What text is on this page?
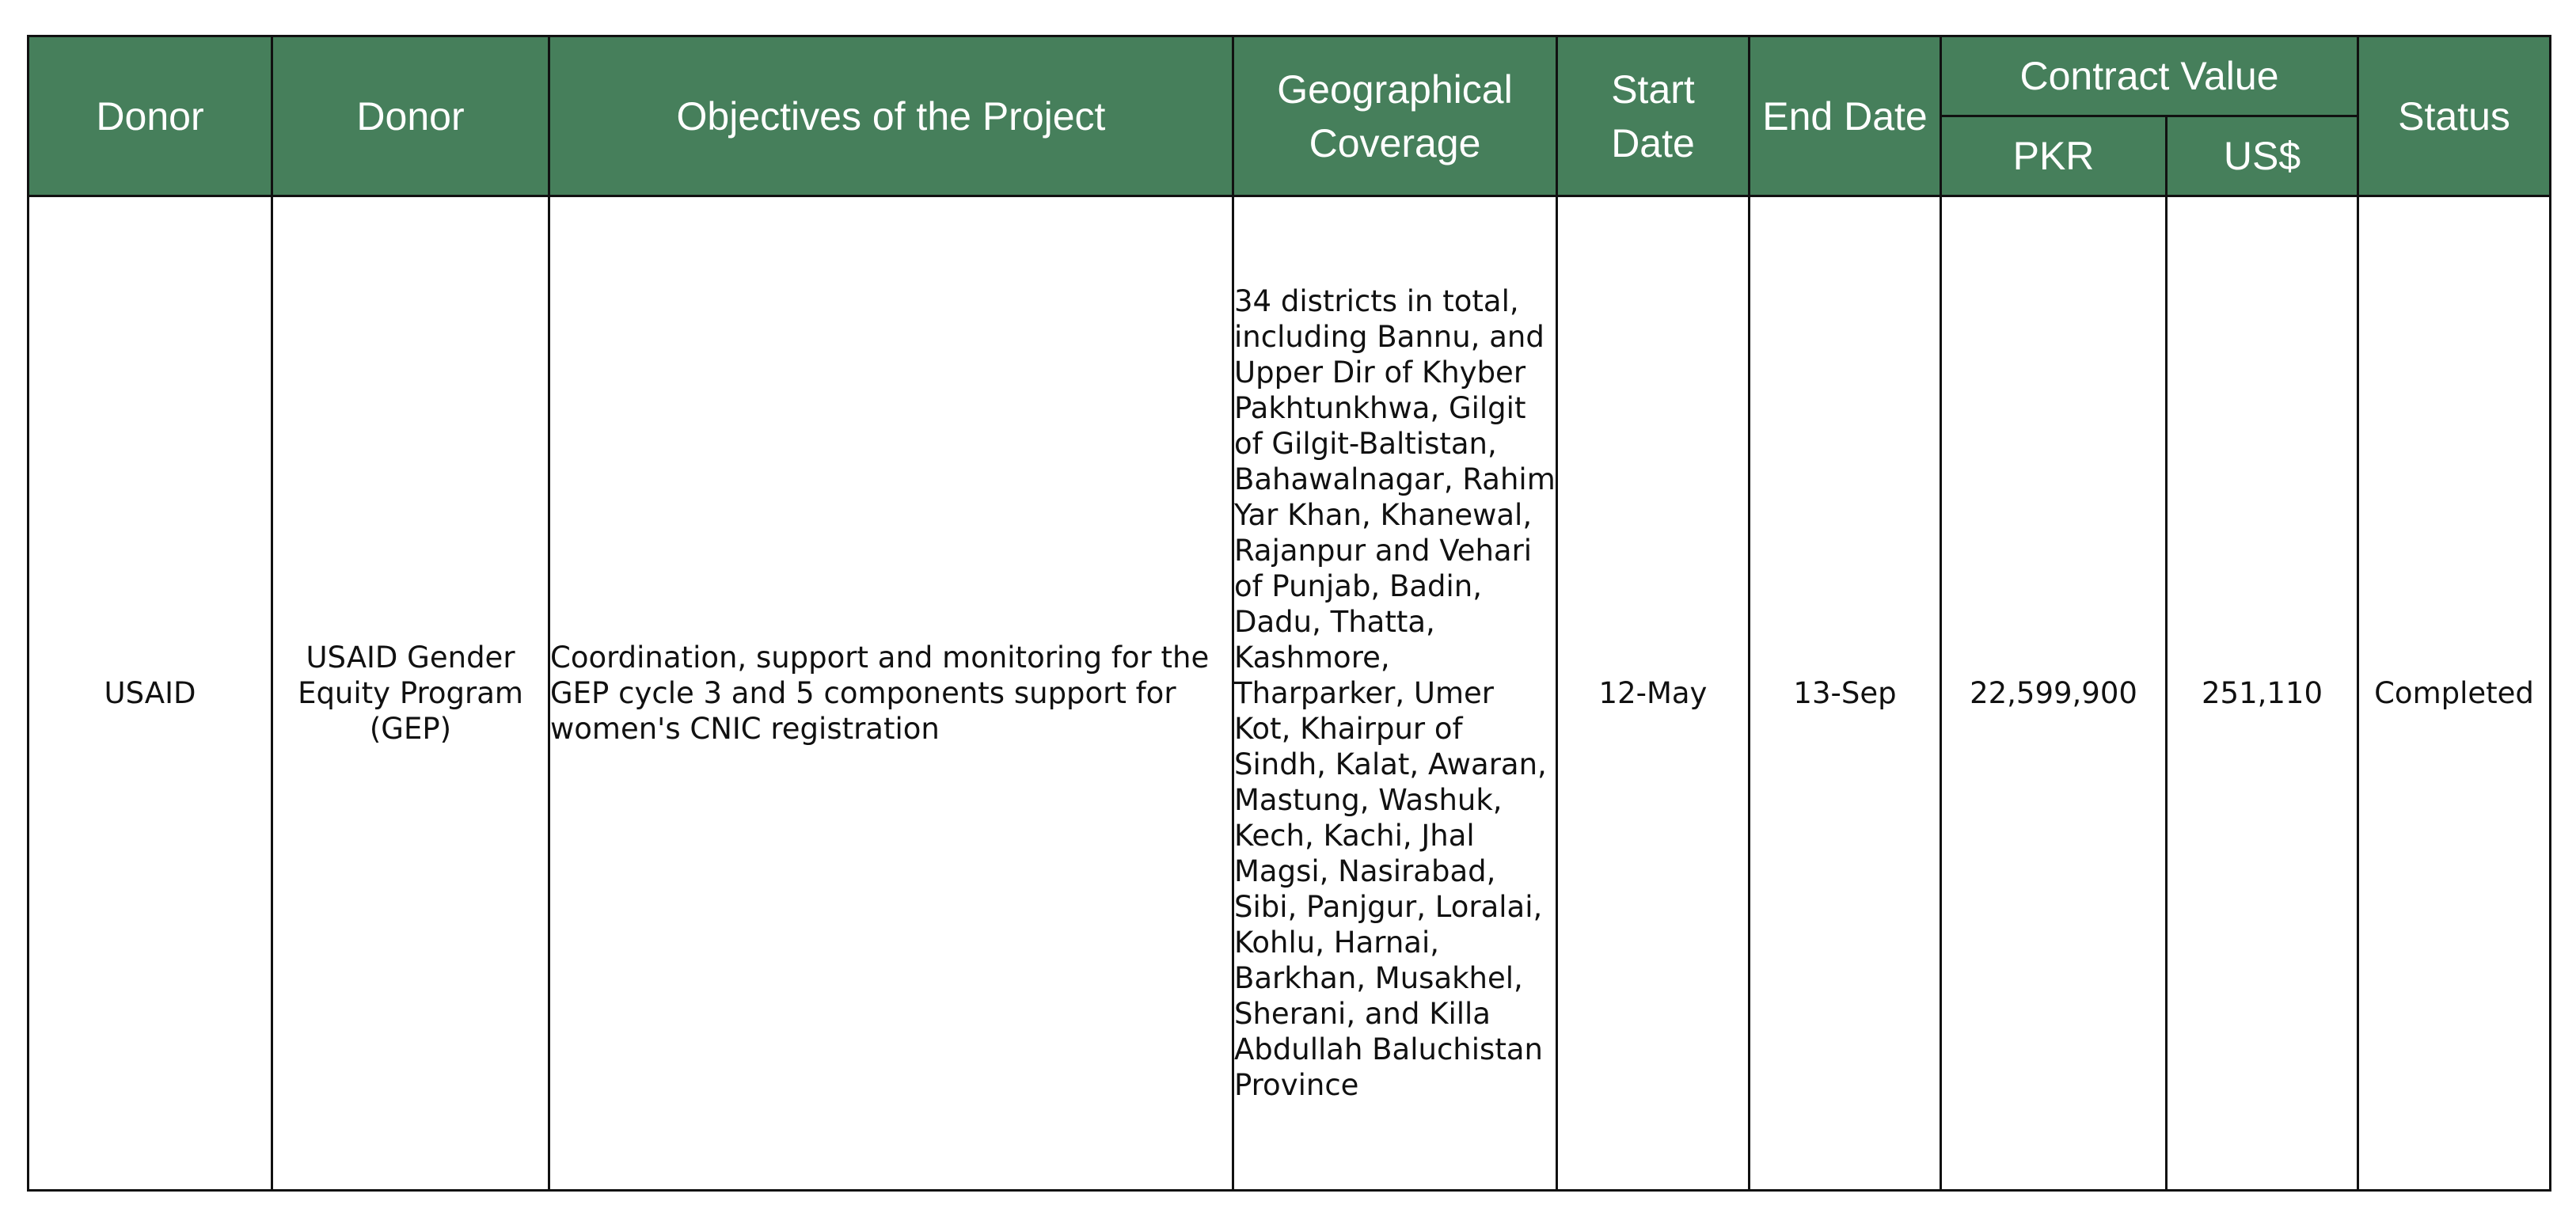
Donor	Donor	Objectives of the Project	Geographical Coverage	Start Date	End Date	Contract Value		Status
						PKR	US$	
USAID	USAID Gender Equity Program (GEP)	Coordination, support and monitoring for the GEP cycle 3 and 5 components support for women's CNIC registration	34 districts in total, including Bannu, and Upper Dir of Khyber Pakhtunkhwa, Gilgit of Gilgit-Baltistan, Bahawalnagar, Rahim Yar Khan, Khanewal, Rajanpur and Vehari of Punjab, Badin, Dadu, Thatta, Kashmore, Tharparker, Umer Kot, Khairpur of Sindh, Kalat, Awaran, Mastung, Washuk, Kech, Kachi, Jhal Magsi, Nasirabad, Sibi, Panjgur, Loralai, Kohlu, Harnai, Barkhan, Musakhel, Sherani, and Killa Abdullah Baluchistan Province	12-May	13-Sep	22,599,900	251,110	Completed
